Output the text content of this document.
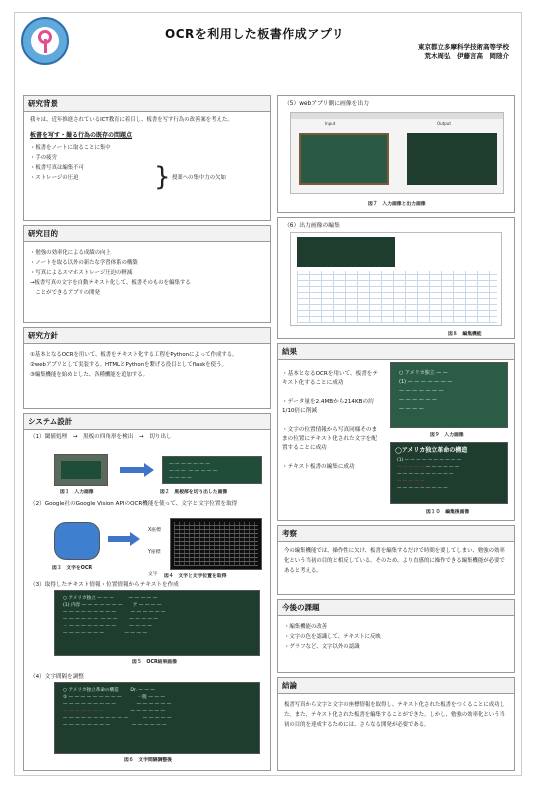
OCRを利用した板書作成アプリ
東京都立多摩科学技術高等学校
荒木周弘　伊藤言高　岡陸介
研究背景
我々は、近年推進されているICT教育に着目し、板書を写す行為の改善案を考えた。
板書を写す・撮る行為の既存の問題点
・板書をノートに取ることに集中
・手の疲労
・板書写真は編集不可
・ストレージの圧迫	} 授業への集中力の欠如
研究目的
・勉強の効率化による成績の向上
・ノートを取る以外の新たな学習体系の構築
・写真によるスマホストレージ圧迫の軽減
→板書写真の文字を自動テキスト化して、板書そのものを編集する
　ことができるアプリの開発
研究方針
①基本となるOCRを用いて、板書をテキスト化する工程をPythonによって作成する。
②webアプリとして実装する。HTMLとPythonを繋げる役目としてflaskを使う。
③編集機能を始めとした、各種機能を追加する。
システム設計
（1）閾値処理　→　黒板の四角形を検出　→　切り出し
図１　入力画像
— — — — — — —
— — —  — — — — —
— — — —
図２　黒板部を切り出した画像
（2）Google社のGoogle Vision APIのOCR機能を使って、文字と文字位置を取得
図３　文字をOCR
X座標
Y座標
文字	図４　文字と文字位置を取得
（3）取得したテキスト情報・位置情報からテキストを作成
○ アメリカ独立 — — —          — — — — —
(1) 内容 — — — — — — —       ア — — — —
— — — — — — — — —          — — — — — —
— — — — — —  — — —        — — — — —
・ — — — — — — — —         — — — —
— — — — — — —              — — — —
図５　OCR結果画像
（4）文字間隔を調整
○ アメリカ独立革命の構造        Dr. — — —
① — — — — — — — — —           一般 — — —
— — — — — — — — —              — — — — — —
— — — — — — —	— — — — — —
— — — — — — — — — — —          — — — — —
— — — — — — — —               — — — — — —
図６　文字間隔調整後
（5）webアプリ側に画像を出力
Input	Output
図７　入力画像と出力画像
（6）出力画像の編集
図８　編集機能
結果
・基本となるOCRを用いて、板書をテキスト化することに成功
・データ量を2.4MBから214KBの約1/10倍に削減
・文字の位置情報から写真同様そのままの位置にテキスト化された文字を配置することに成功
・テキスト板書の編集に成功
○ アメリカ独立 — —
(1) — — — — — — —
— — — — — — —
— — — — — —
— — — —
図９　入力画像
◯アメリカ独立革命の構造
(1) — — — — — — — — — —
— — — — — — — — — — —
— — — — — — — — — —
— — — — —
— — — — — — — — —
図１０　編集後画像
考察
今の編集機能では、操作性に欠け、板書を編集するだけで時間を要してしまい、勉強の効率化という当初の目的と相反している。そのため、より直感的に操作できる編集機能が必要であると考える。
今後の課題
・編集機能の改善
・文字の色を認識して、テキストに反映
・グラフなど、文字以外の認識
結論
板書写真から文字と文字の座標情報を取得し、テキスト化された板書をつくることに成功した。また、テキスト化された板書を編集することができた。しかし、勉強の効率化という当初の目的を達成するためには、さらなる開発が必要である。
